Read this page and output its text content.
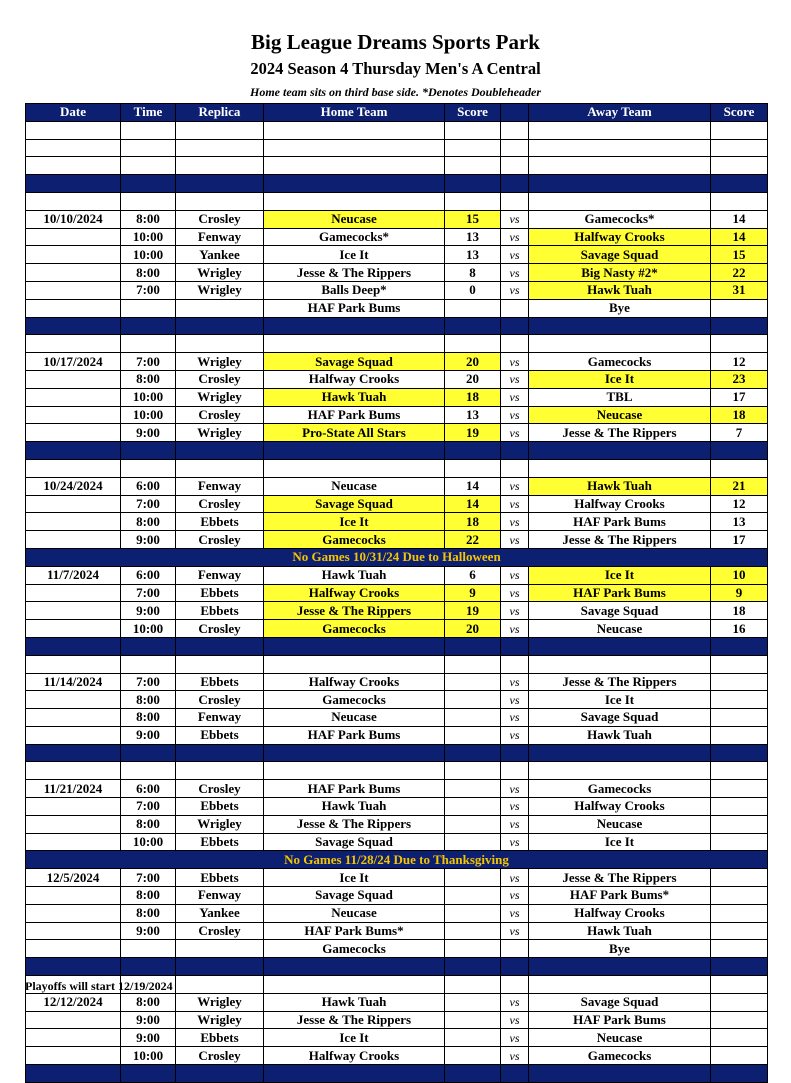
Big League Dreams Sports Park
2024 Season 4 Thursday Men's A Central
Home team sits on third base side. *Denotes Doubleheader
Date	Time	Replica	Home Team	Score		Away Team	Score

10/10/2024	8:00	Crosley	Neucase	15	vs	Gamecocks*	14
	10:00	Fenway	Gamecocks*	13	vs	Halfway Crooks	14
	10:00	Yankee	Ice It	13	vs	Savage Squad	15
	8:00	Wrigley	Jesse & The Rippers	8	vs	Big Nasty #2*	22
	7:00	Wrigley	Balls Deep*	0	vs	Hawk Tuah	31
			HAF Park Bums			Bye	

10/17/2024	7:00	Wrigley	Savage Squad	20	vs	Gamecocks	12
	8:00	Crosley	Halfway Crooks	20	vs	Ice It	23
	10:00	Wrigley	Hawk Tuah	18	vs	TBL	17
	10:00	Crosley	HAF Park Bums	13	vs	Neucase	18
	9:00	Wrigley	Pro-State All Stars	19	vs	Jesse & The Rippers	7

10/24/2024	6:00	Fenway	Neucase	14	vs	Hawk Tuah	21
	7:00	Crosley	Savage Squad	14	vs	Halfway Crooks	12
	8:00	Ebbets	Ice It	18	vs	HAF Park Bums	13
	9:00	Crosley	Gamecocks	22	vs	Jesse & The Rippers	17
No Games 10/31/24 Due to Halloween							
11/7/2024	6:00	Fenway	Hawk Tuah	6	vs	Ice It	10
	7:00	Ebbets	Halfway Crooks	9	vs	HAF Park Bums	9
	9:00	Ebbets	Jesse & The Rippers	19	vs	Savage Squad	18
	10:00	Crosley	Gamecocks	20	vs	Neucase	16

11/14/2024	7:00	Ebbets	Halfway Crooks		vs	Jesse & The Rippers	
	8:00	Crosley	Gamecocks		vs	Ice It	
	8:00	Fenway	Neucase		vs	Savage Squad	
	9:00	Ebbets	HAF Park Bums		vs	Hawk Tuah	

11/21/2024	6:00	Crosley	HAF Park Bums		vs	Gamecocks	
	7:00	Ebbets	Hawk Tuah		vs	Halfway Crooks	
	8:00	Wrigley	Jesse & The Rippers		vs	Neucase	
	10:00	Ebbets	Savage Squad		vs	Ice It	
No Games 11/28/24 Due to Thanksgiving							
12/5/2024	7:00	Ebbets	Ice It		vs	Jesse & The Rippers	
	8:00	Fenway	Savage Squad		vs	HAF Park Bums*	
	8:00	Yankee	Neucase		vs	Halfway Crooks	
	9:00	Crosley	HAF Park Bums*		vs	Hawk Tuah	
			Gamecocks			Bye	

12/12/2024	8:00	Wrigley	Hawk Tuah		vs	Savage Squad	
	9:00	Wrigley	Jesse & The Rippers		vs	HAF Park Bums	
	9:00	Ebbets	Ice It		vs	Neucase	
	10:00	Crosley	Halfway Crooks		vs	Gamecocks	

Playoffs will start 12/19/2024
